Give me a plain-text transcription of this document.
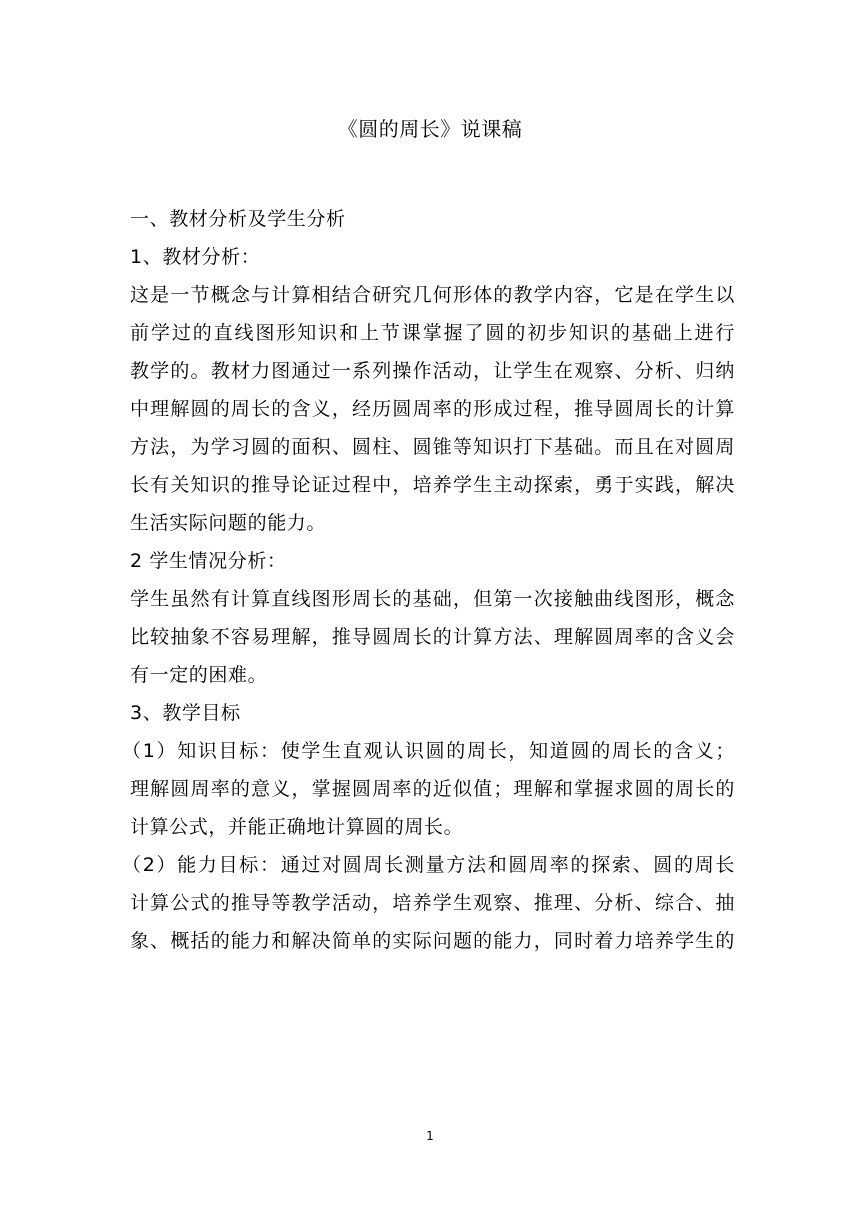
《圆的周长》说课稿
一、教材分析及学生分析
1、教材分析：
这是一节概念与计算相结合研究几何形体的教学内容，它是在学生以
前学过的直线图形知识和上节课掌握了圆的初步知识的基础上进行
教学的。教材力图通过一系列操作活动，让学生在观察、分析、归纳
中理解圆的周长的含义，经历圆周率的形成过程，推导圆周长的计算
方法，为学习圆的面积、圆柱、圆锥等知识打下基础。而且在对圆周
长有关知识的推导论证过程中，培养学生主动探索，勇于实践，解决
生活实际问题的能力。
2 学生情况分析：
学生虽然有计算直线图形周长的基础，但第一次接触曲线图形，概念
比较抽象不容易理解，推导圆周长的计算方法、理解圆周率的含义会
有一定的困难。
3、教学目标
（1）知识目标：使学生直观认识圆的周长，知道圆的周长的含义；
理解圆周率的意义，掌握圆周率的近似值；理解和掌握求圆的周长的
计算公式，并能正确地计算圆的周长。
（2）能力目标：通过对圆周长测量方法和圆周率的探索、圆的周长
计算公式的推导等教学活动，培养学生观察、推理、分析、综合、抽
象、概括的能力和解决简单的实际问题的能力，同时着力培养学生的
1
